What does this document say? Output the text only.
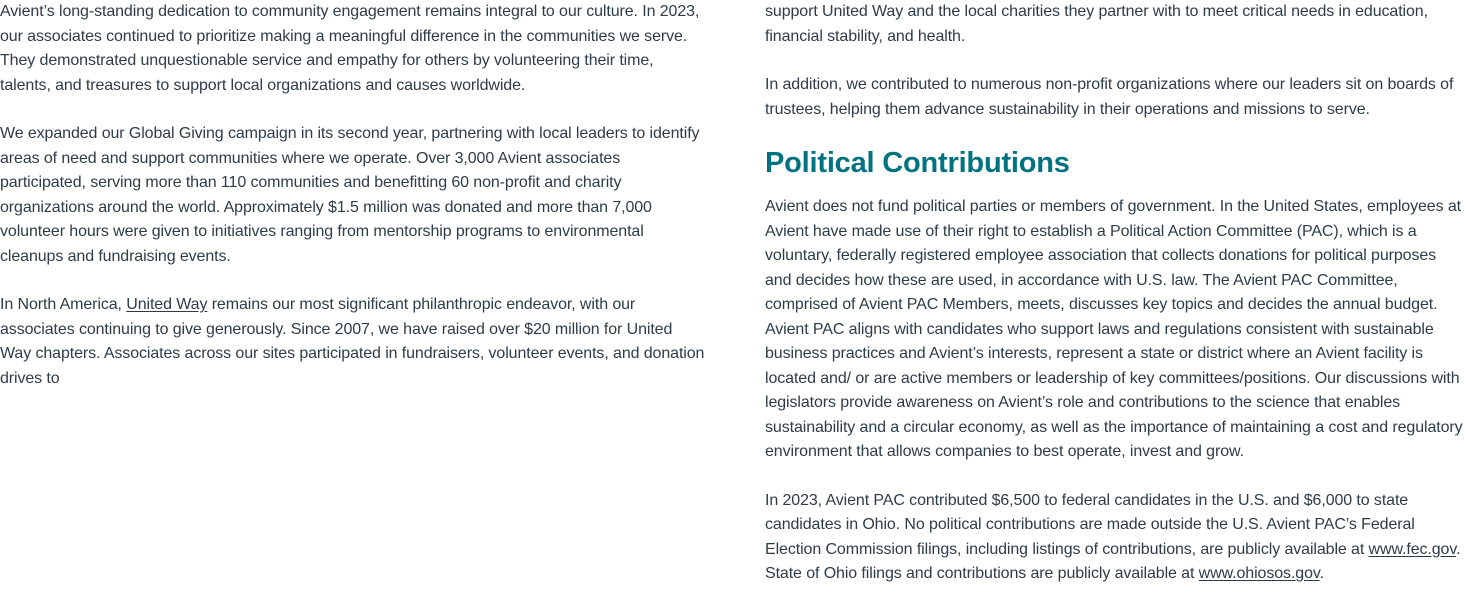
Avient’s long-standing dedication to community engagement remains integral to our culture. In 2023, our associates continued to prioritize making a meaningful difference in the communities we serve. They demonstrated unquestionable service and empathy for others by volunteering their time, talents, and treasures to support local organizations and causes worldwide.

We expanded our Global Giving campaign in its second year, partnering with local leaders to identify areas of need and support communities where we operate. Over 3,000 Avient associates participated, serving more than 110 communities and benefitting 60 non-profit and charity organizations around the world. Approximately $1.5 million was donated and more than 7,000 volunteer hours were given to initiatives ranging from mentorship programs to environmental cleanups and fundraising events.

In North America, United Way remains our most significant philanthropic endeavor, with our associates continuing to give generously. Since 2007, we have raised over $20 million for United Way chapters. Associates across our sites participated in fundraisers, volunteer events, and donation drives to

support United Way and the local charities they partner with to meet critical needs in education, financial stability, and health.

In addition, we contributed to numerous non-profit organizations where our leaders sit on boards of trustees, helping them advance sustainability in their operations and missions to serve.

Political Contributions

Avient does not fund political parties or members of government. In the United States, employees at Avient have made use of their right to establish a Political Action Committee (PAC), which is a voluntary, federally registered employee association that collects donations for political purposes and decides how these are used, in accordance with U.S. law. The Avient PAC Committee, comprised of Avient PAC Members, meets, discusses key topics and decides the annual budget. Avient PAC aligns with candidates who support laws and regulations consistent with sustainable business practices and Avient’s interests, represent a state or district where an Avient facility is located and/ or are active members or leadership of key committees/positions. Our discussions with legislators provide awareness on Avient’s role and contributions to the science that enables sustainability and a circular economy, as well as the importance of maintaining a cost and regulatory environment that allows companies to best operate, invest and grow.

In 2023, Avient PAC contributed $6,500 to federal candidates in the U.S. and $6,000 to state candidates in Ohio. No political contributions are made outside the U.S. Avient PAC’s Federal Election Commission filings, including listings of contributions, are publicly available at www.fec.gov. State of Ohio filings and contributions are publicly available at www.ohiosos.gov.
